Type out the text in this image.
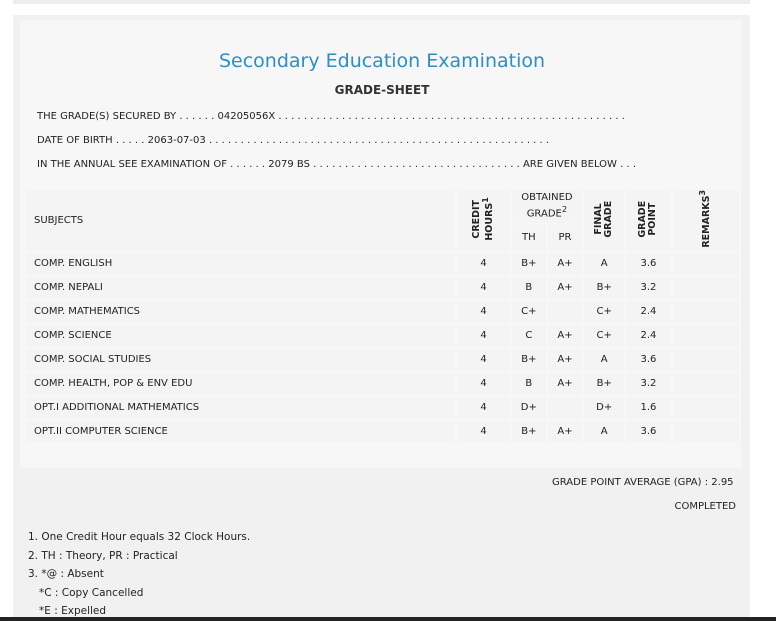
Secondary Education Examination
GRADE-SHEET
THE GRADE(S) SECURED BY . . . . . . 04205056X . . . . . . . . . . . . . . . . . . . . . . . . . . . . . . . . . . . . . . . . . . . . . . . . . . . . . . .
DATE OF BIRTH . . . . . 2063-07-03 . . . . . . . . . . . . . . . . . . . . . . . . . . . . . . . . . . . . . . . . . . . . . . . . . . . . . .
IN THE ANNUAL SEE EXAMINATION OF . . . . . . 2079 BS . . . . . . . . . . . . . . . . . . . . . . . . . . . . . . . . . ARE GIVEN BELOW . . .
SUBJECTS	CREDIT HOURS$^1$	OBTAINED GRADE$^2$		FINAL GRADE	GRADE POINT	REMARKS$^3$
		TH	PR			
COMP. ENGLISH	4	B+	A+	A	3.6	
COMP. NEPALI	4	B	A+	B+	3.2	
COMP. MATHEMATICS	4	C+		C+	2.4	
COMP. SCIENCE	4	C	A+	C+	2.4	
COMP. SOCIAL STUDIES	4	B+	A+	A	3.6	
COMP. HEALTH, POP & ENV EDU	4	B	A+	B+	3.2	
OPT.I ADDITIONAL MATHEMATICS	4	D+		D+	1.6	
OPT.II COMPUTER SCIENCE	4	B+	A+	A	3.6	
GRADE POINT AVERAGE (GPA) : 2.95
COMPLETED
1. One Credit Hour equals 32 Clock Hours.
2. TH : Theory, PR : Practical
3. *@ : Absent
*C : Copy Cancelled
*E : Expelled
